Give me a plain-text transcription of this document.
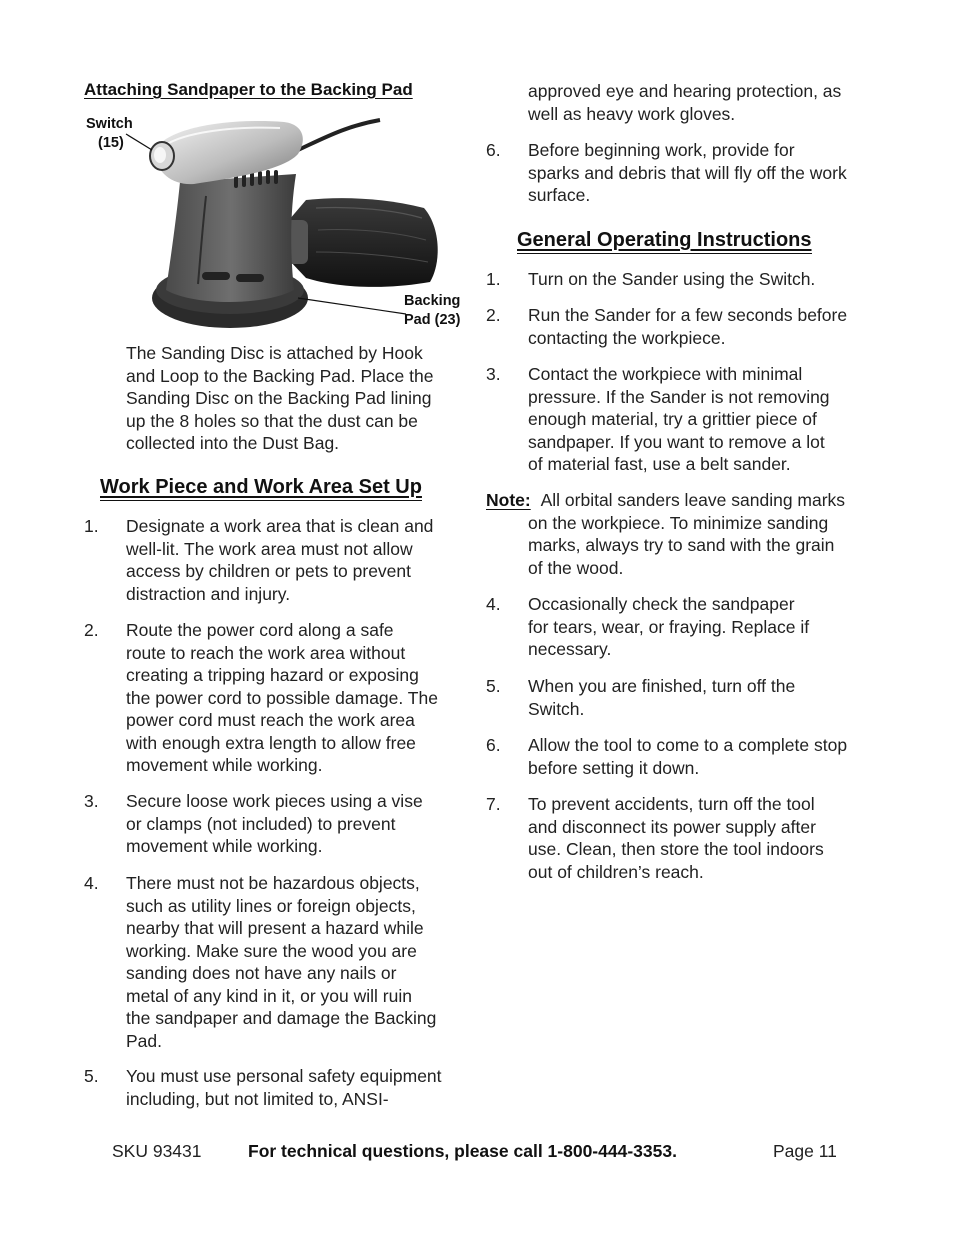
Attaching Sandpaper to the Backing Pad
Switch
(15)
Backing
Pad (23)
The Sanding Disc is attached by Hook
and Loop to the Backing Pad. Place the
Sanding Disc on the Backing Pad lining
up the 8 holes so that the dust can be
collected into the Dust Bag.
Work Piece and Work Area Set Up
1. Designate a work area that is clean and
well-lit. The work area must not allow
access by children or pets to prevent
distraction and injury.
2. Route the power cord along a safe
route to reach the work area without
creating a tripping hazard or exposing
the power cord to possible damage. The
power cord must reach the work area
with enough extra length to allow free
movement while working.
3. Secure loose work pieces using a vise
or clamps (not included) to prevent
movement while working.
4. There must not be hazardous objects,
such as utility lines or foreign objects,
nearby that will present a hazard while
working. Make sure the wood you are
sanding does not have any nails or
metal of any kind in it, or you will ruin
the sandpaper and damage the Backing
Pad.
5. You must use personal safety equipment
including, but not limited to, ANSI-
approved eye and hearing protection, as
well as heavy work gloves.
6. Before beginning work, provide for
sparks and debris that will fly off the work
surface.
General Operating Instructions
1. Turn on the Sander using the Switch.
2. Run the Sander for a few seconds before
contacting the workpiece.
3. Contact the workpiece with minimal
pressure. If the Sander is not removing
enough material, try a grittier piece of
sandpaper. If you want to remove a lot
of material fast, use a belt sander.
Note: All orbital sanders leave sanding marks
on the workpiece. To minimize sanding
marks, always try to sand with the grain
of the wood.
4. Occasionally check the sandpaper
for tears, wear, or fraying. Replace if
necessary.
5. When you are finished, turn off the
Switch.
6. Allow the tool to come to a complete stop
before setting it down.
7. To prevent accidents, turn off the tool
and disconnect its power supply after
use. Clean, then store the tool indoors
out of children’s reach.
SKU 93431	For technical questions, please call 1-800-444-3353.	Page 11
